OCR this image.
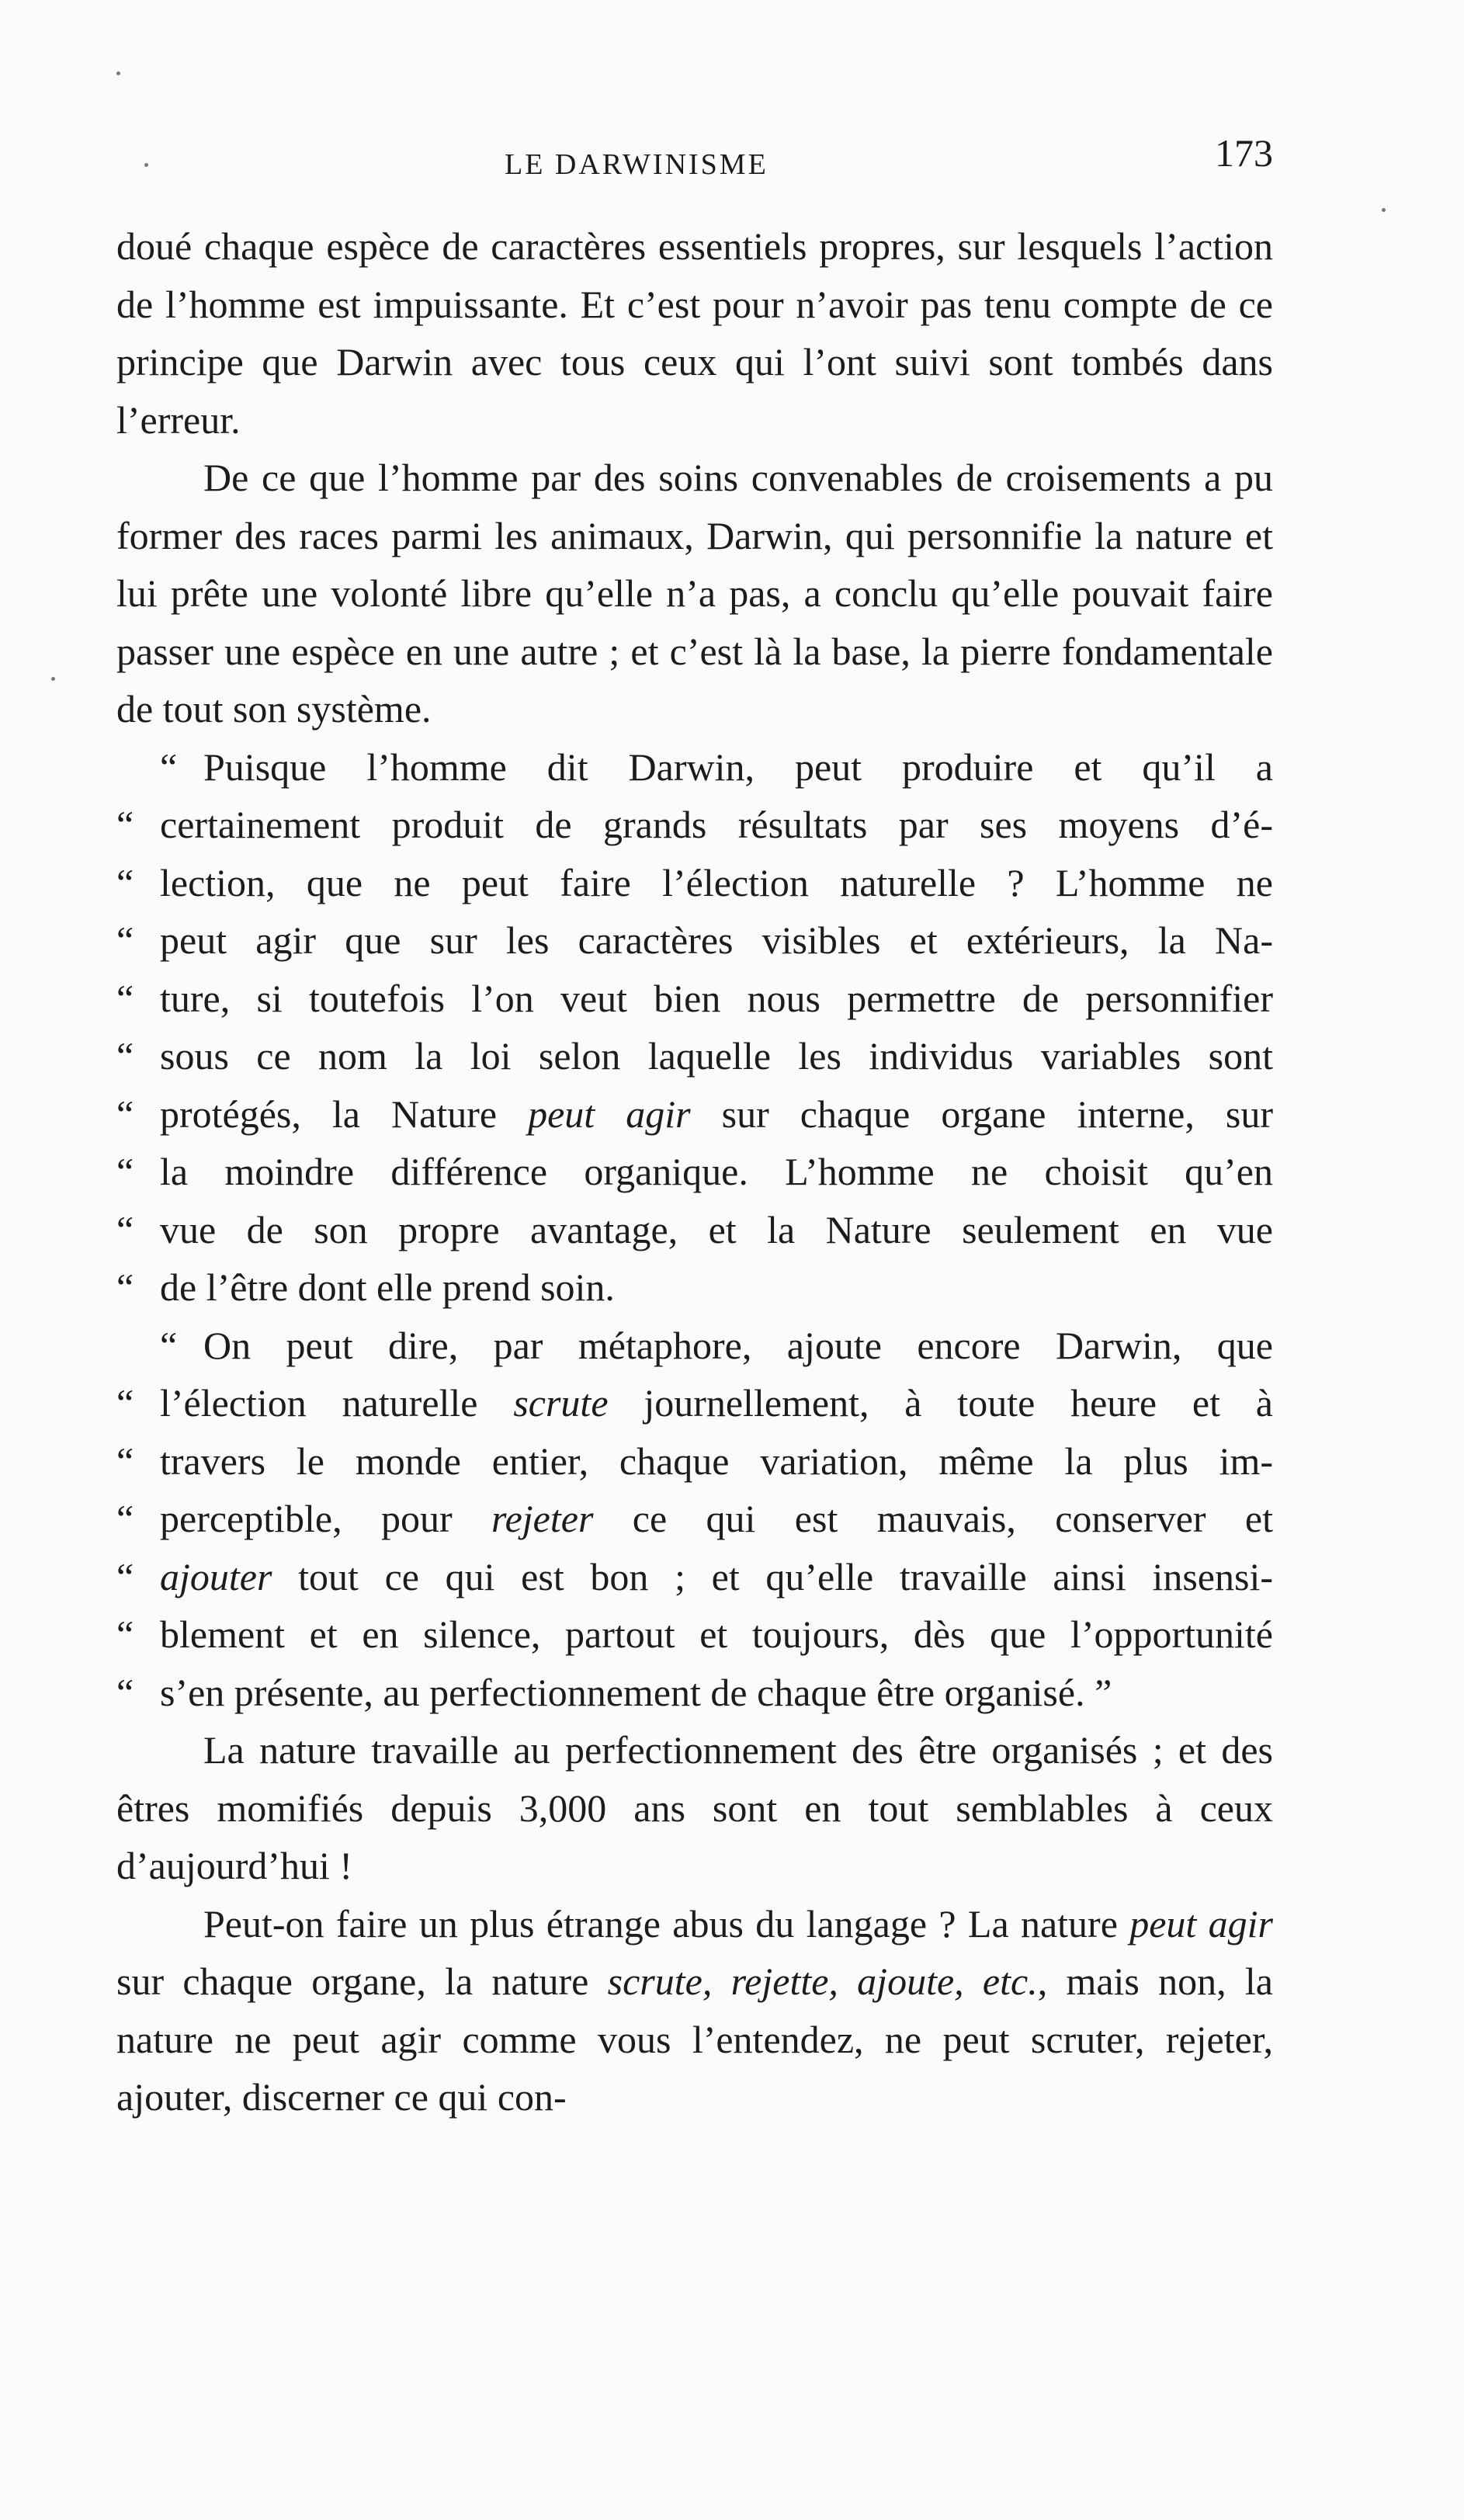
LE DARWINISME	173

doué chaque espèce de caractères essentiels propres, sur lesquels l’action de l’homme est impuissante. Et c’est pour n’avoir pas tenu compte de ce principe que Darwin avec tous ceux qui l’ont suivi sont tombés dans l’erreur.

De ce que l’homme par des soins convenables de croisements a pu former des races parmi les animaux, Darwin, qui personnifie la nature et lui prête une volonté libre qu’elle n’a pas, a conclu qu’elle pouvait faire passer une espèce en une autre ; et c’est là la base, la pierre fondamentale de tout son système.

“ Puisque l’homme dit Darwin, peut produire et qu’il a
“ certainement produit de grands résultats par ses moyens d’é-
“ lection, que ne peut faire l’élection naturelle ? L’homme ne
“ peut agir que sur les caractères visibles et extérieurs, la Na-
“ ture, si toutefois l’on veut bien nous permettre de personnifier
“ sous ce nom la loi selon laquelle les individus variables sont
“ protégés, la Nature peut agir sur chaque organe interne, sur
“ la moindre différence organique. L’homme ne choisit qu’en
“ vue de son propre avantage, et la Nature seulement en vue
“ de l’être dont elle prend soin.
“ On peut dire, par métaphore, ajoute encore Darwin, que
“ l’élection naturelle scrute journellement, à toute heure et à
“ travers le monde entier, chaque variation, même la plus im-
“ perceptible, pour rejeter ce qui est mauvais, conserver et
“ ajouter tout ce qui est bon ; et qu’elle travaille ainsi insensi-
“ blement et en silence, partout et toujours, dès que l’opportunité
“ s’en présente, au perfectionnement de chaque être organisé. ”

La nature travaille au perfectionnement des être organisés ; et des êtres momifiés depuis 3,000 ans sont en tout semblables à ceux d’aujourd’hui !

Peut-on faire un plus étrange abus du langage ? La nature peut agir sur chaque organe, la nature scrute, rejette, ajoute, etc., mais non, la nature ne peut agir comme vous l’entendez, ne peut scruter, rejeter, ajouter, discerner ce qui con-
